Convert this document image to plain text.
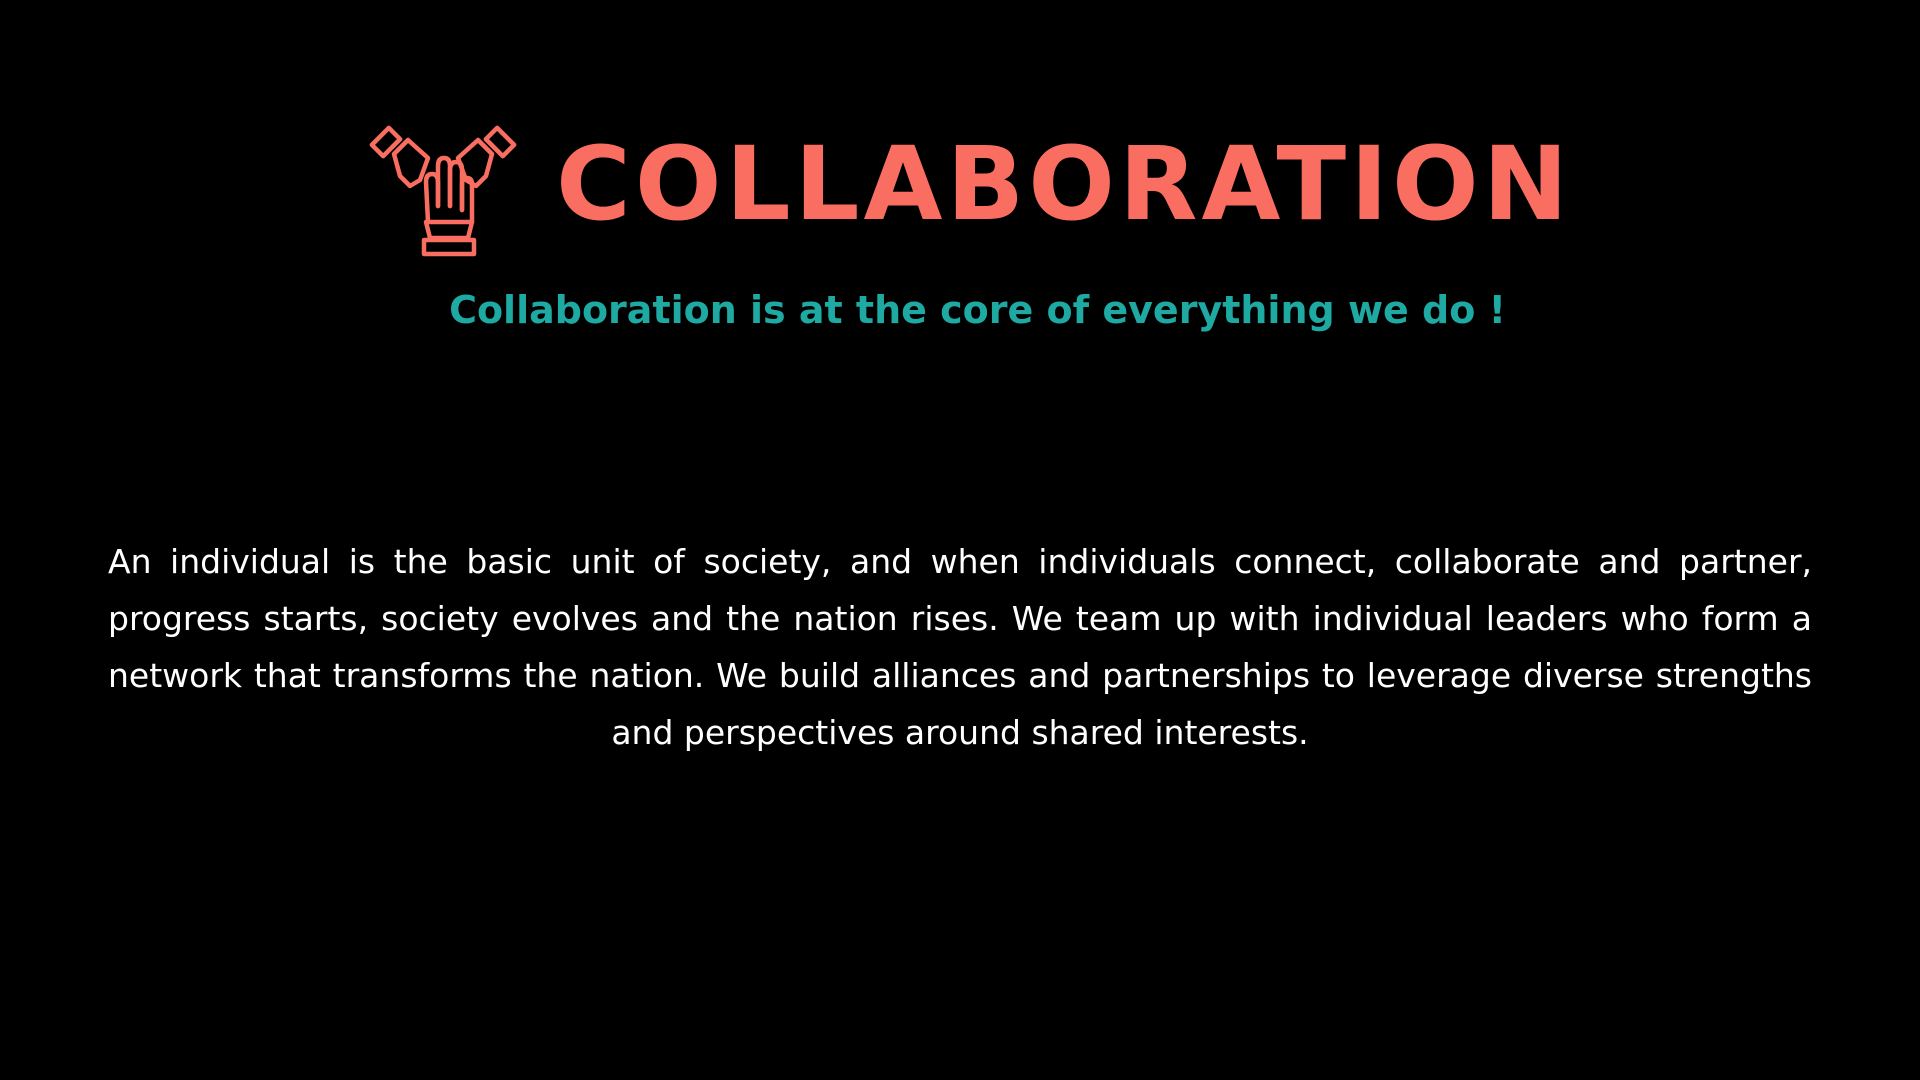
COLLABORATION
Collaboration is at the core of everything we do !
An individual is the basic unit of society, and when individuals connect, collaborate and partner, progress starts, society evolves and the nation rises. We team up with individual leaders who form a network that transforms the nation. We build alliances and partnerships to leverage diverse strengths and perspectives around shared interests.
